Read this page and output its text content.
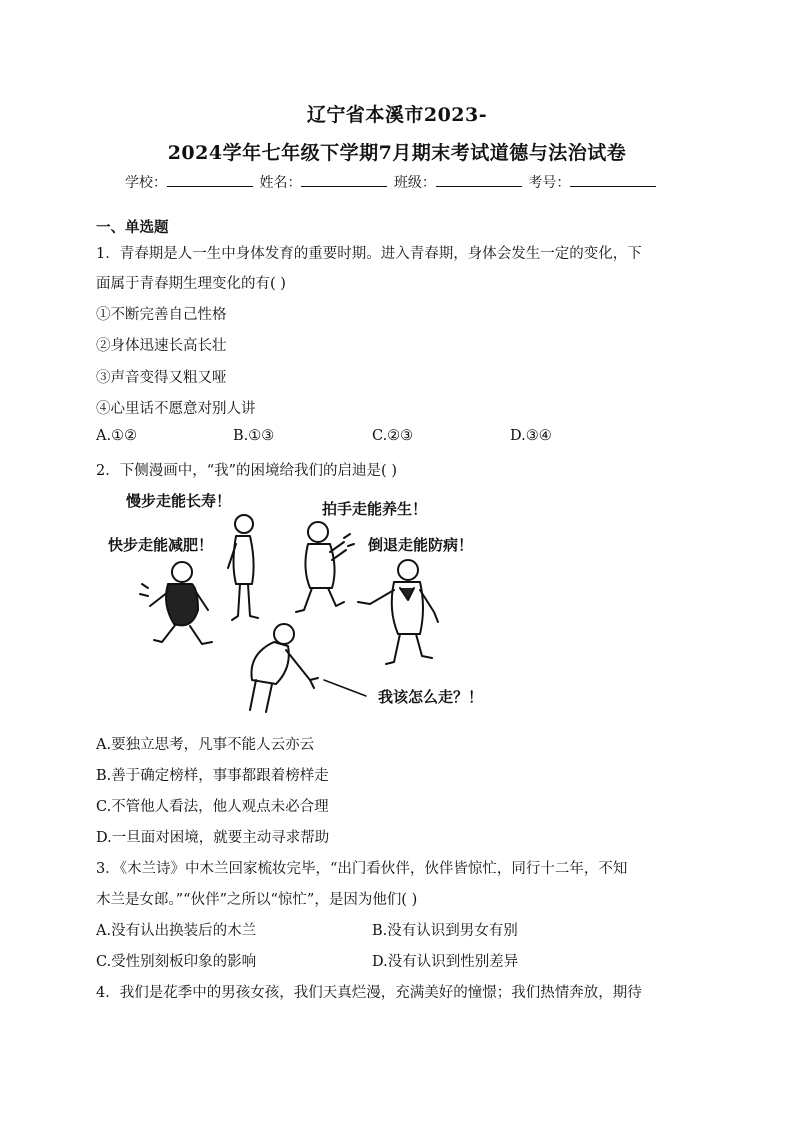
辽宁省本溪市2023-
2024学年七年级下学期7月期末考试道德与法治试卷
学校：	姓名：	班级：	考号：
一、单选题
1．青春期是人一生中身体发育的重要时期。进入青春期，身体会发生一定的变化，下
面属于青春期生理变化的有( )
①不断完善自己性格
②身体迅速长高长壮
③声音变得又粗又哑
④心里话不愿意对别人讲
A.①②	B.①③	C.②③	D.③④
2．下侧漫画中，“我”的困境给我们的启迪是( )
慢步走能长寿！	拍手走能养生！
快步走能减肥！	倒退走能防病！
我该怎么走？！
A.要独立思考，凡事不能人云亦云
B.善于确定榜样，事事都跟着榜样走
C.不管他人看法，他人观点未必合理
D.一旦面对困境，就要主动寻求帮助
3．《木兰诗》中木兰回家梳妆完毕，“出门看伙伴，伙伴皆惊忙，同行十二年，不知
木兰是女郎。”“伙伴”之所以“惊忙”，是因为他们( )
A.没有认出换装后的木兰	B.没有认识到男女有别
C.受性别刻板印象的影响	D.没有认识到性别差异
4．我们是花季中的男孩女孩，我们天真烂漫，充满美好的憧憬；我们热情奔放，期待
